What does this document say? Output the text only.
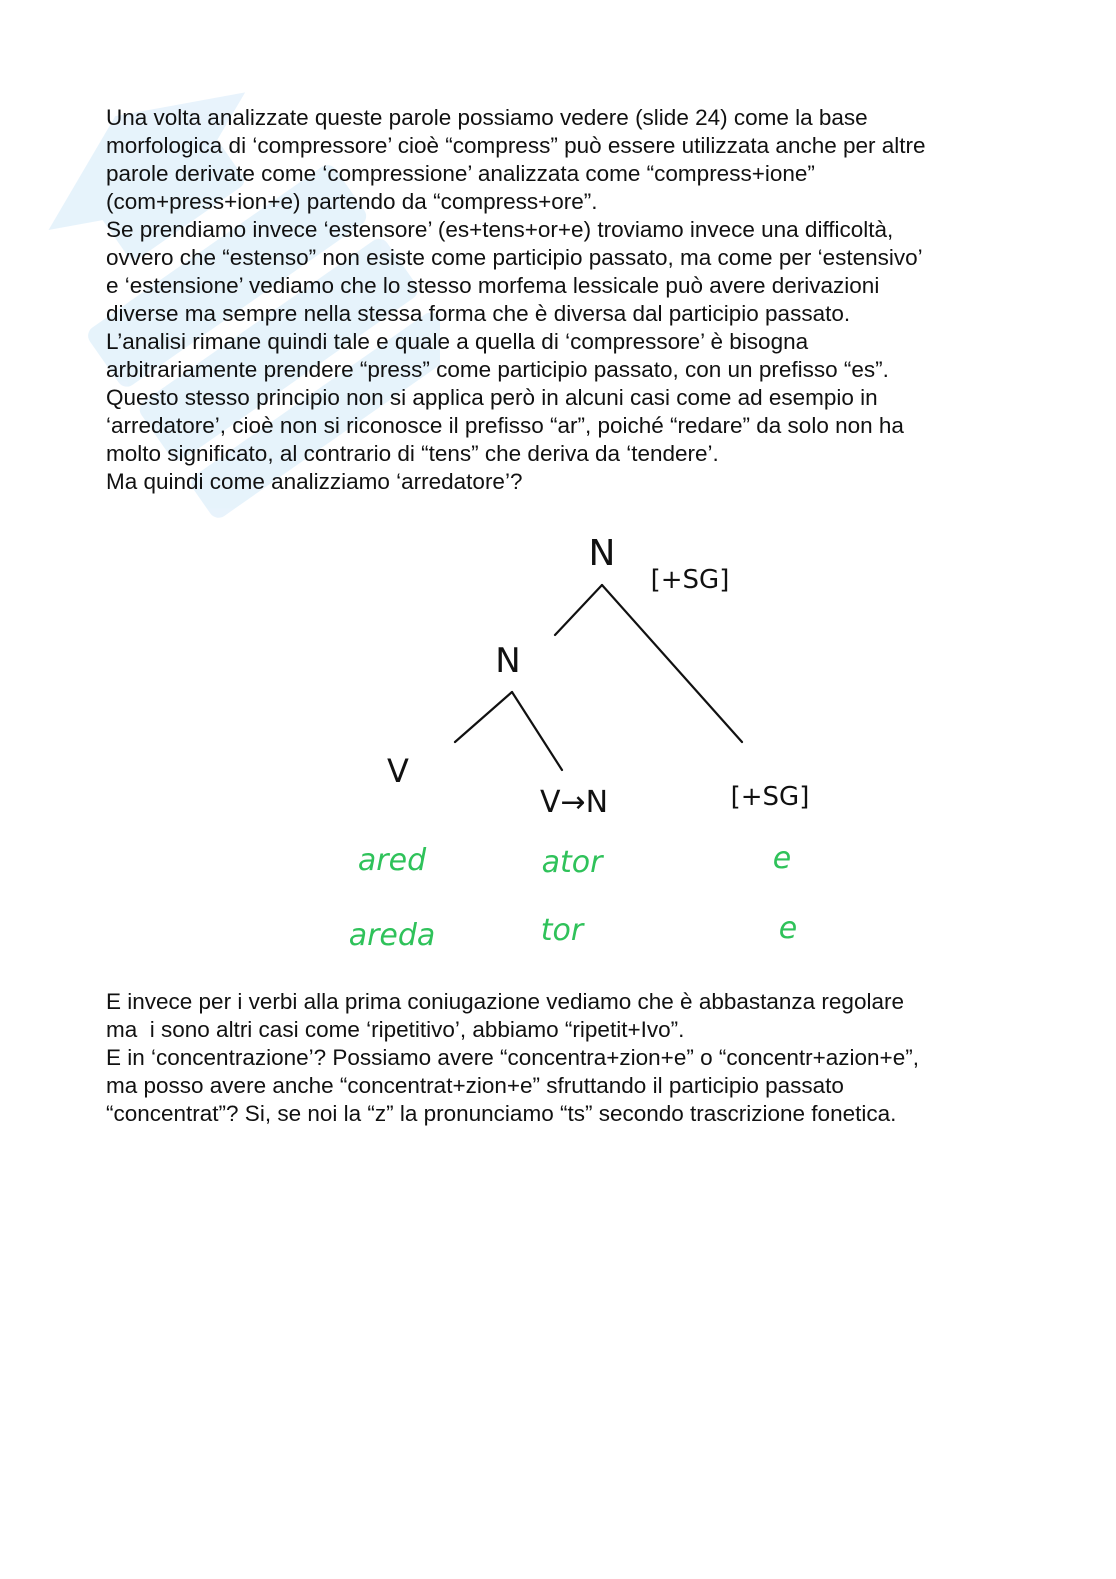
Una volta analizzate queste parole possiamo vedere (slide 24) come la base

morfologica di ‘compressore’ cioè “compress” può essere utilizzata anche per altre

parole derivate come ‘compressione’ analizzata come “compress+ione”

(com+press+ion+e) partendo da “compress+ore”.

Se prendiamo invece ‘estensore’ (es+tens+or+e) troviamo invece una difficoltà,

ovvero che “estenso” non esiste come participio passato, ma come per ‘estensivo’

e ‘estensione’ vediamo che lo stesso morfema lessicale può avere derivazioni

diverse ma sempre nella stessa forma che è diversa dal participio passato.

L’analisi rimane quindi tale e quale a quella di ‘compressore’ è bisogna

arbitrariamente prendere “press” come participio passato, con un prefisso “es”.

Questo stesso principio non si applica però in alcuni casi come ad esempio in

‘arredatore’, cioè non si riconosce il prefisso “ar”, poiché “redare” da solo non ha

molto significato, al contrario di “tens” che deriva da ‘tendere’.

Ma quindi come analizziamo ‘arredatore’?

N
[+SG]
N
V
V→N	[+SG]
ared	ator	e
areda	tor	e

E invece per i verbi alla prima coniugazione vediamo che è abbastanza regolare

ma  i sono altri casi come ‘ripetitivo’, abbiamo “ripetit+Ivo”.

E in ‘concentrazione’? Possiamo avere “concentra+zion+e” o “concentr+azion+e”,

ma posso avere anche “concentrat+zion+e” sfruttando il participio passato

“concentrat”? Si, se noi la “z” la pronunciamo “ts” secondo trascrizione fonetica.
